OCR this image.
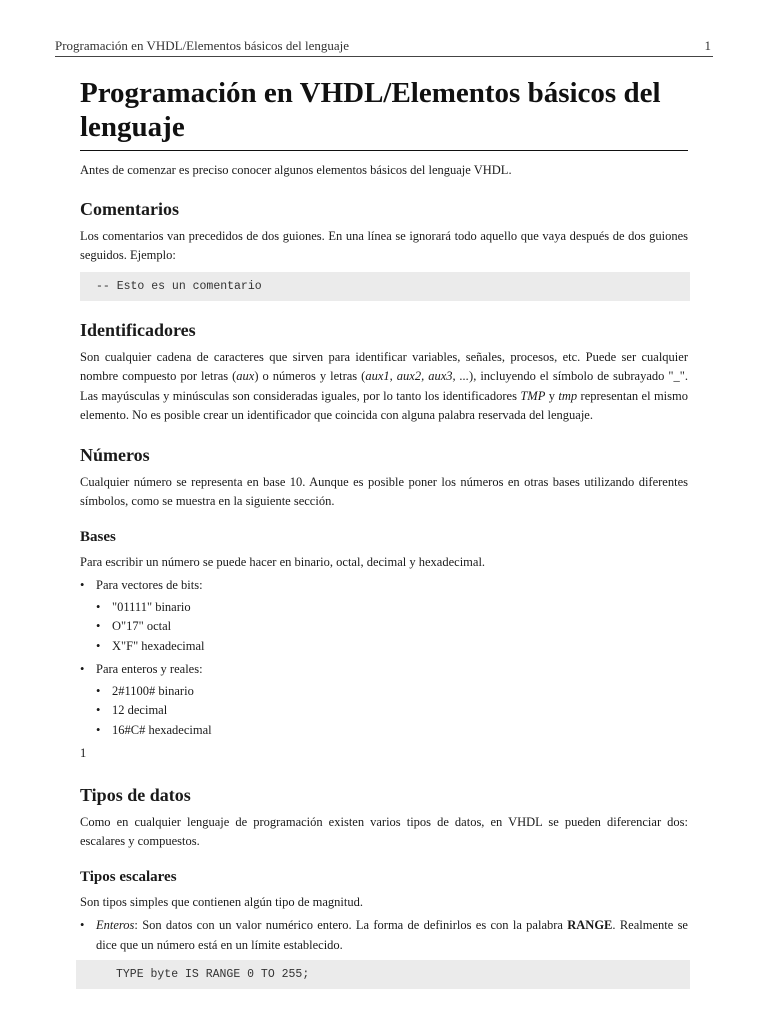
Programación en VHDL/Elementos básicos del lenguaje	1
Programación en VHDL/Elementos básicos del lenguaje

Antes de comenzar es preciso conocer algunos elementos básicos del lenguaje VHDL.

Comentarios

Los comentarios van precedidos de dos guiones. En una línea se ignorará todo aquello que vaya después de dos guiones seguidos. Ejemplo:

-- Esto es un comentario
Identificadores

Son cualquier cadena de caracteres que sirven para identificar variables, señales, procesos, etc. Puede ser cualquier nombre compuesto por letras (aux) o números y letras (aux1, aux2, aux3, ...), incluyendo el símbolo de subrayado "_". Las mayúsculas y minúsculas son consideradas iguales, por lo tanto los identificadores TMP y tmp representan el mismo elemento. No es posible crear un identificador que coincida con alguna palabra reservada del lenguaje.

Números

Cualquier número se representa en base 10. Aunque es posible poner los números en otras bases utilizando diferentes símbolos, como se muestra en la siguiente sección.

Bases

Para escribir un número se puede hacer en binario, octal, decimal y hexadecimal.

• Para vectores de bits:
• "01111" binario
• O"17" octal
• X"F" hexadecimal
• Para enteros y reales:
• 2#1100# binario
• 12 decimal
• 16#C# hexadecimal

1

Tipos de datos

Como en cualquier lenguaje de programación existen varios tipos de datos, en VHDL se pueden diferenciar dos: escalares y compuestos.

Tipos escalares

Son tipos simples que contienen algún tipo de magnitud.

• Enteros: Son datos con un valor numérico entero. La forma de definirlos es con la palabra RANGE. Realmente se dice que un número está en un límite establecido.
TYPE byte IS RANGE 0 TO 255;
